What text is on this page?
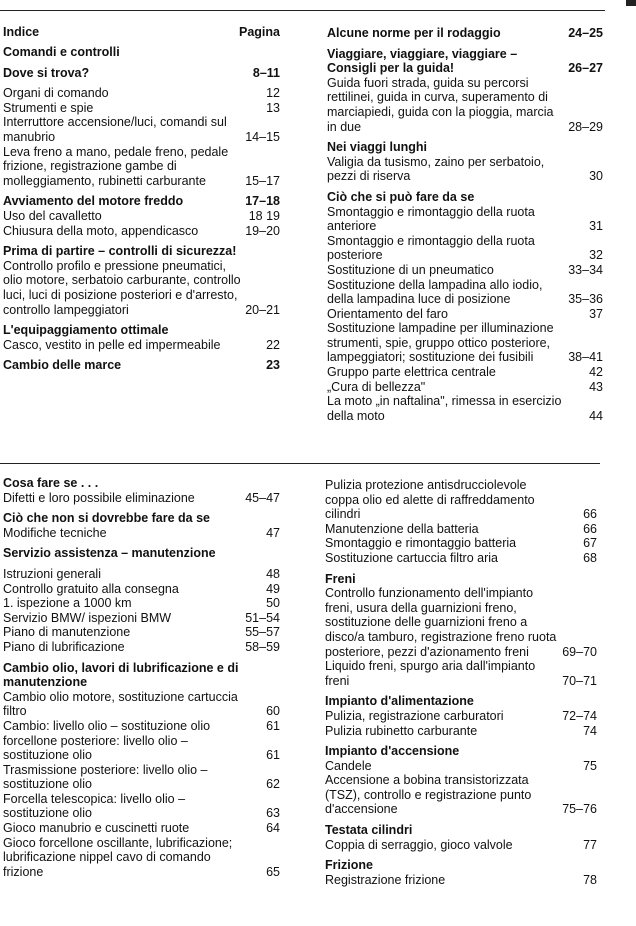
Indice	Pagina
Comandi e controlli
Dove si trova?	8–11
Organi di comando	12
Strumenti e spie	13
Interruttore accensione/luci, comandi sul manubrio	14–15
Leva freno a mano, pedale freno, pedale frizione, registrazione gambe di molleggiamento, rubinetti carburante	15–17
Avviamento del motore freddo	17–18
Uso del cavalletto	18 19
Chiusura della moto, appendicasco	19–20
Prima di partire – controlli di sicurezza!
Controllo profilo e pressione pneumatici, olio motore, serbatoio carburante, controllo luci, luci di posizione posteriori e d'arresto, controllo lampeggiatori	20–21
L'equipaggiamento ottimale
Casco, vestito in pelle ed impermeabile	22
Cambio delle marce	23
Alcune norme per il rodaggio	24–25
Viaggiare, viaggiare, viaggiare – Consigli per la guida!	26–27
Guida fuori strada, guida su percorsi rettilinei, guida in curva, superamento di marciapiedi, guida con la pioggia, marcia in due	28–29
Nei viaggi lunghi
Valigia da tusismo, zaino per serbatoio, pezzi di riserva	30
Ciò che si può fare da se
Smontaggio e rimontaggio della ruota anteriore	31
Smontaggio e rimontaggio della ruota posteriore	32
Sostituzione di un pneumatico	33–34
Sostituzione della lampadina allo iodio, della lampadina luce di posizione	35–36
Orientamento del faro	37
Sostituzione lampadine per illuminazione strumenti, spie, gruppo ottico posteriore, lampeggiatori; sostituzione dei fusibili	38–41
Gruppo parte elettrica centrale	42
„Cura di bellezza"	43
La moto „in naftalina", rimessa in esercizio della moto	44
Cosa fare se . . .
Difetti e loro possibile eliminazione	45–47
Ciò che non si dovrebbe fare da se
Modifiche tecniche	47
Servizio assistenza – manutenzione
Istruzioni generali	48
Controllo gratuito alla consegna	49
1. ispezione a 1000 km	50
Servizio BMW/ ispezioni BMW	51–54
Piano di manutenzione	55–57
Piano di lubrificazione	58–59
Cambio olio, lavori di lubrificazione e di manutenzione
Cambio olio motore, sostituzione cartuccia filtro	60
Cambio: livello olio – sostituzione olio	61
forcellone posteriore: livello olio – sostituzione olio	61
Trasmissione posteriore: livello olio – sostituzione olio	62
Forcella telescopica: livello olio – sostituzione olio	63
Gioco manubrio e cuscinetti ruote	64
Gioco forcellone oscillante, lubrificazione; lubrificazione nippel cavo di comando frizione	65
Pulizia protezione antisdrucciolevole coppa olio ed alette di raffreddamento cilindri	66
Manutenzione della batteria	66
Smontaggio e rimontaggio batteria	67
Sostituzione cartuccia filtro aria	68
Freni
Controllo funzionamento dell'impianto freni, usura della guarnizioni freno, sostituzione delle guarnizioni freno a disco/a tamburo, registrazione freno ruota posteriore, pezzi d'azionamento freni	69–70
Liquido freni, spurgo aria dall'impianto freni	70–71
Impianto d'alimentazione
Pulizia, registrazione carburatori	72–74
Pulizia rubinetto carburante	74
Impianto d'accensione
Candele	75
Accensione a bobina transistorizzata (TSZ), controllo e registrazione punto d'accensione	75–76
Testata cilindri
Coppia di serraggio, gioco valvole	77
Frizione
Registrazione frizione	78
